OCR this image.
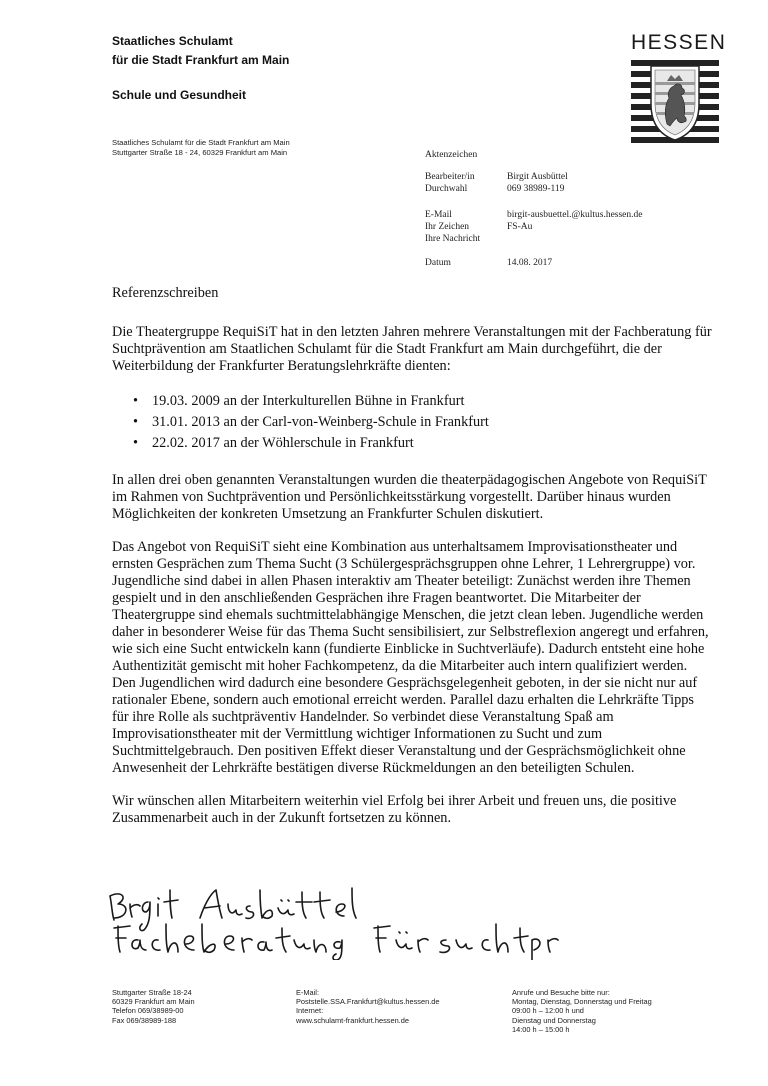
Staatliches Schulamt
für die Stadt Frankfurt am Main
Schule und Gesundheit
HESSEN
Staatliches Schulamt für die Stadt Frankfurt am Main
Stuttgarter Straße 18 - 24, 60329 Frankfurt am Main	Aktenzeichen
Bearbeiter/in	Birgit Ausbüttel
Durchwahl	069 38989-119
E-Mail	birgit-ausbuettel.@kultus.hessen.de
Ihr Zeichen	FS-Au
Ihre Nachricht
Datum	14.08. 2017

Referenzschreiben

Die Theatergruppe RequiSiT hat in den letzten Jahren mehrere Veranstaltungen mit der Fachberatung für Suchtprävention am Staatlichen Schulamt für die Stadt Frankfurt am Main durchgeführt, die der Weiterbildung der Frankfurter Beratungslehrkräfte dienten:

• 19.03. 2009 an der Interkulturellen Bühne in Frankfurt
• 31.01. 2013 an der Carl-von-Weinberg-Schule in Frankfurt
• 22.02. 2017 an der Wöhlerschule in Frankfurt

In allen drei oben genannten Veranstaltungen wurden die theaterpädagogischen Angebote von RequiSiT im Rahmen von Suchtprävention und Persönlichkeitsstärkung vorgestellt. Darüber hinaus wurden Möglichkeiten der konkreten Umsetzung an Frankfurter Schulen diskutiert.

Das Angebot von RequiSiT sieht eine Kombination aus unterhaltsamem Improvisationstheater und ernsten Gesprächen zum Thema Sucht (3 Schülergesprächsgruppen ohne Lehrer, 1 Lehrergruppe) vor. Jugendliche sind dabei in allen Phasen interaktiv am Theater beteiligt: Zunächst werden ihre Themen gespielt und in den anschließenden Gesprächen ihre Fragen beantwortet. Die Mitarbeiter der Theatergruppe sind ehemals suchtmittelabhängige Menschen, die jetzt clean leben. Jugendliche werden daher in besonderer Weise für das Thema Sucht sensibilisiert, zur Selbstreflexion angeregt und erfahren, wie sich eine Sucht entwickeln kann (fundierte Einblicke in Suchtverläufe). Dadurch entsteht eine hohe Authentizität gemischt mit hoher Fachkompetenz, da die Mitarbeiter auch intern qualifiziert werden. Den Jugendlichen wird dadurch eine besondere Gesprächsgelegenheit geboten, in der sie nicht nur auf rationaler Ebene, sondern auch emotional erreicht werden. Parallel dazu erhalten die Lehrkräfte Tipps für ihre Rolle als suchtpräventiv Handelnder. So verbindet diese Veranstaltung Spaß am Improvisationstheater mit der Vermittlung wichtiger Informationen zu Sucht und zum Suchtmittelgebrauch. Den positiven Effekt dieser Veranstaltung und der Gesprächsmöglichkeit ohne Anwesenheit der Lehrkräfte bestätigen diverse Rückmeldungen an den beteiligten Schulen.

Wir wünschen allen Mitarbeitern weiterhin viel Erfolg bei ihrer Arbeit und freuen uns, die positive Zusammenarbeit auch in der Zukunft fortsetzen zu können.

Stuttgarter Straße 18-24
60329 Frankfurt am Main
Telefon 069/38989-00
Fax 069/38989-188
E-Mail:
Poststelle.SSA.Frankfurt@kultus.hessen.de
Internet:
www.schulamt-frankfurt.hessen.de
Anrufe und Besuche bitte nur:
Montag, Dienstag, Donnerstag und Freitag
09:00 h – 12:00 h und
Dienstag und Donnerstag
14:00 h – 15:00 h
